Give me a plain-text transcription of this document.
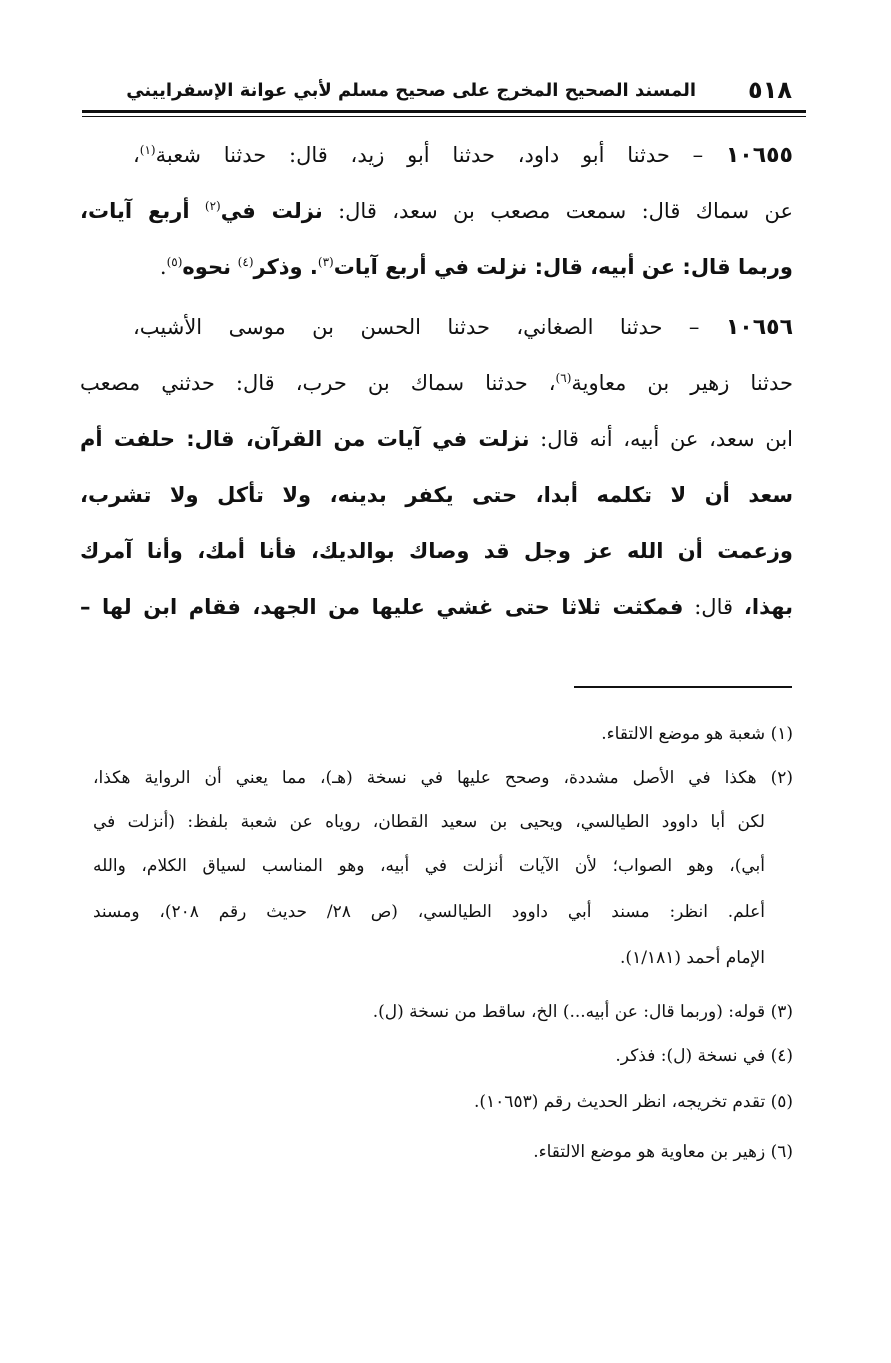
٥١٨
المسند الصحيح المخرج على صحيح مسلم لأبي عوانة الإسفراييني
١٠٦٥٥ – حدثنا أبو داود، حدثنا أبو زيد، قال: حدثنا شعبة$^{(١)}$،
عن سماك قال: سمعت مصعب بن سعد، قال: نزلت في$^{(٢)}$ أربع آيات،
وربما قال: عن أبيه، قال: نزلت في أربع آيات$^{(٣)}$. وذكر$^{(٤)}$ نحوه$^{(٥)}$.
١٠٦٥٦ – حدثنا الصغاني، حدثنا الحسن بن موسى الأشيب،
حدثنا زهير بن معاوية$^{(٦)}$، حدثنا سماك بن حرب، قال: حدثني مصعب
ابن سعد، عن أبيه، أنه قال: نزلت في آيات من القرآن، قال: حلفت أم
سعد أن لا تكلمه أبدا، حتى يكفر بدينه، ولا تأكل ولا تشرب،
وزعمت أن الله عز وجل قد وصاك بوالديك، فأنا أمك، وأنا آمرك
بهذا، قال: فمكثت ثلاثا حتى غشي عليها من الجهد، فقام ابن لها –
(١) شعبة هو موضع الالتقاء.
(٢) هكذا في الأصل مشددة، وصحح عليها في نسخة (هـ)، مما يعني أن الرواية هكذا،
لكن أبا داوود الطيالسي، ويحيى بن سعيد القطان، روياه عن شعبة بلفظ: (أنزلت في
أبي)، وهو الصواب؛ لأن الآيات أنزلت في أبيه، وهو المناسب لسياق الكلام، والله
أعلم. انظر: مسند أبي داوود الطيالسي، (ص ٢٨/ حديث رقم ٢٠٨)، ومسند
الإمام أحمد (١/١٨١).
(٣) قوله: (وربما قال: عن أبيه...) الخ، ساقط من نسخة (ل).
(٤) في نسخة (ل): فذكر.
(٥) تقدم تخريجه، انظر الحديث رقم (١٠٦٥٣).
(٦) زهير بن معاوية هو موضع الالتقاء.
